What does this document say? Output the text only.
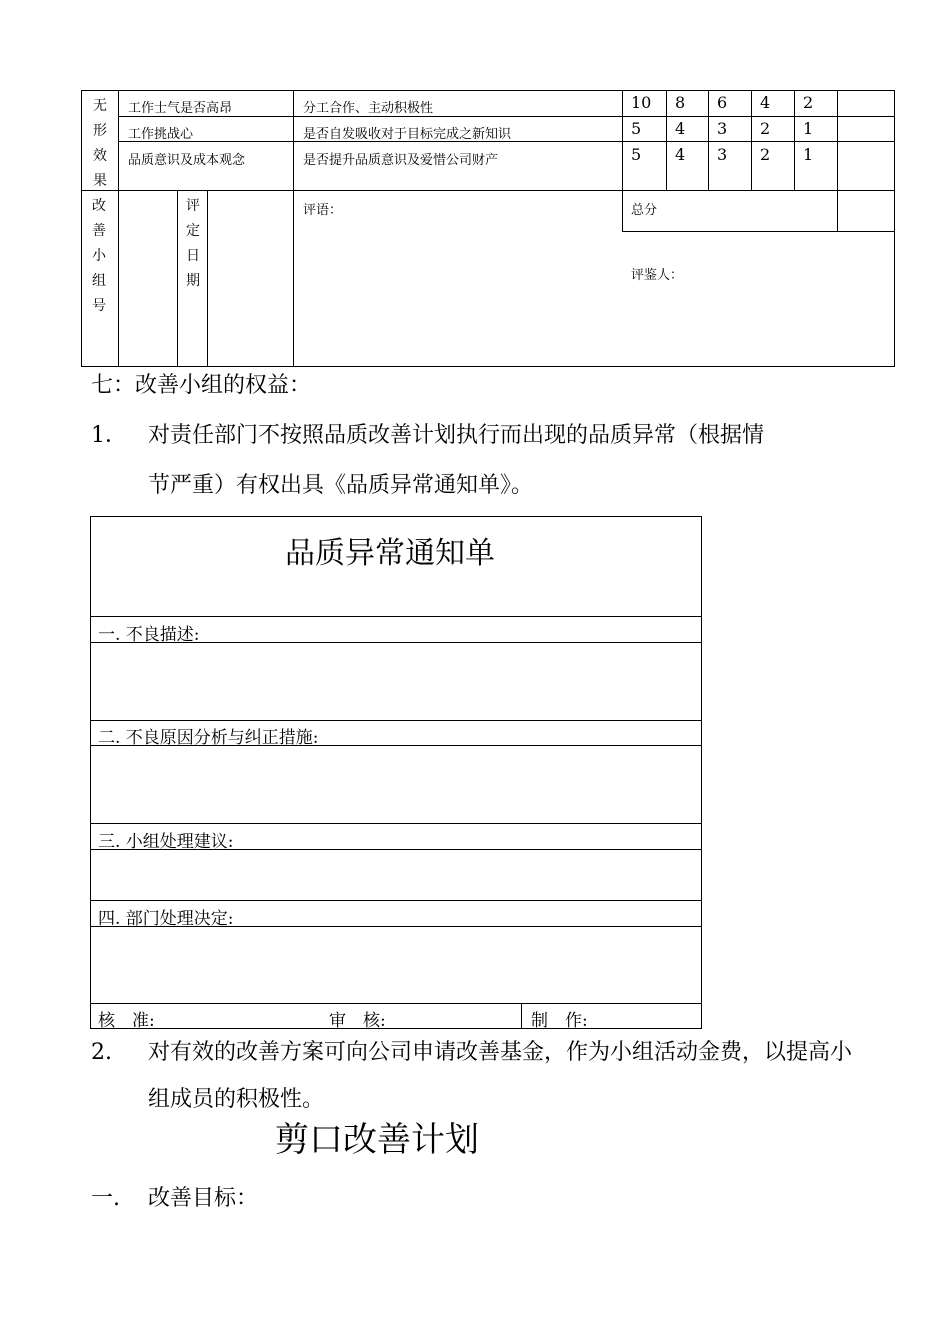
无形效果
工作士气是否高昂	分工合作、主动积极性	10 8 6 4 2
工作挑战心	是否自发吸收对于目标完成之新知识	5 4 3 2 1
品质意识及成本观念	是否提升品质意识及爱惜公司财产	5 4 3 2 1
改善小组号
评定日期
评语：	总分
评鉴人：
七：改善小组的权益：
1． 对责任部门不按照品质改善计划执行而出现的品质异常（根据情
节严重）有权出具《品质异常通知单》。
品质异常通知单
一. 不良描述:
二. 不良原因分析与纠正措施:
三. 小组处理建议:
四. 部门处理决定:
核　准:	审　核:	制　作:
2. 对有效的改善方案可向公司申请改善基金，作为小组活动金费，以提高小
组成员的积极性。
剪口改善计划
一. 改善目标：
